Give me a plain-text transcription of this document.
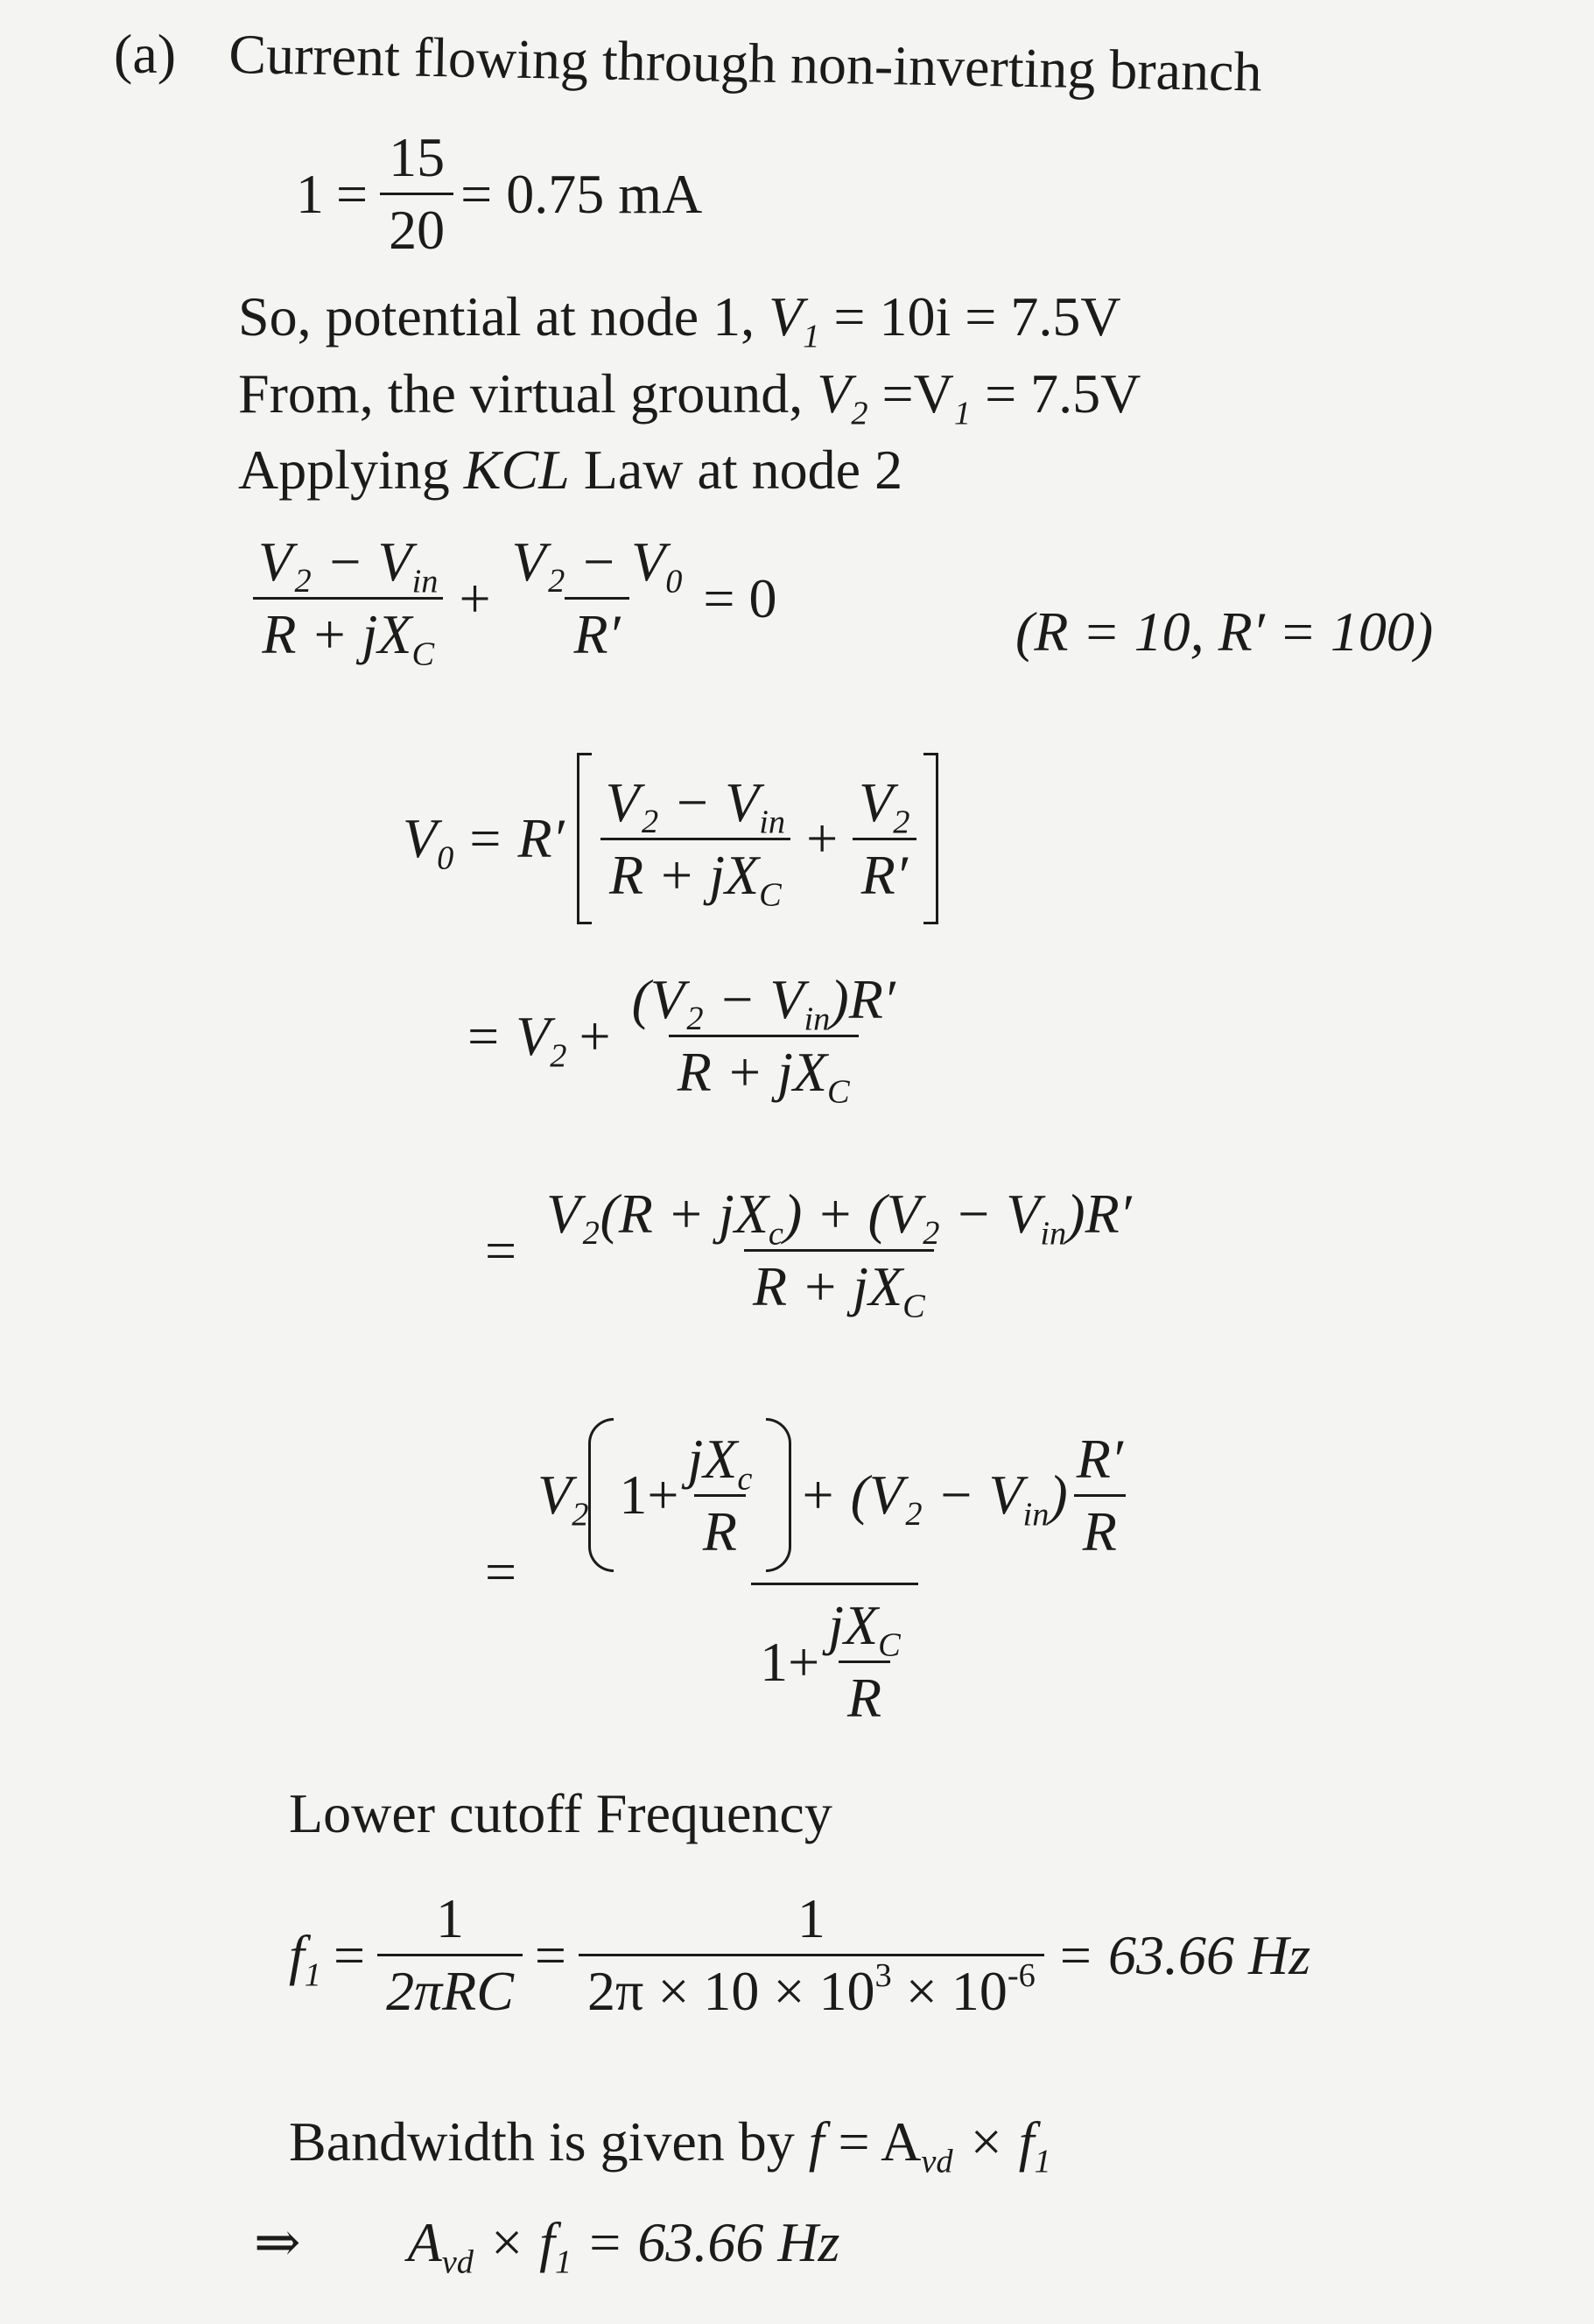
(a) Current flowing through non-inverting branch
$1 = \frac{15}{20} = 0.75$ mA
So, potential at node 1, $V_1 = 10i = 7.5V$
From, the virtual ground, $V_2 =V_1 = 7.5V$
Applying KCL Law at node 2
$\frac{V_2 - V_{in}}{R + jX_C} + \frac{V_2 - V_0}{R'} = 0$
(R = 10, R′ = 100)
$V_0 = R' \frac{V_2 - V_{in}}{R + jX_C} + \frac{V_2}{R'}$
= $V_2 + \frac{(V_2 - V_{in})R'}{R + jX_C}$
= $\frac{V_2(R + jX_c) + (V_2 - V_{in})R'}{R + jX_C}$
=
$V_2$ $1+ \frac{jX_c}{R} + (V_2 - V_{in}) \frac{R'}{R}$
$1+ \frac{jX_C}{R}$
Lower cutoff Frequency
$f_1 = \frac{1}{\text{2πRC}} = \frac{1}{2\pi \times 10 \times 10^3 \times 10^{-6}} = 63.66$ Hz
Bandwidth is given by $f = A_{vd} \times f_1$
⇒ $A_{vd} \times f_1 = 63.66$ Hz
